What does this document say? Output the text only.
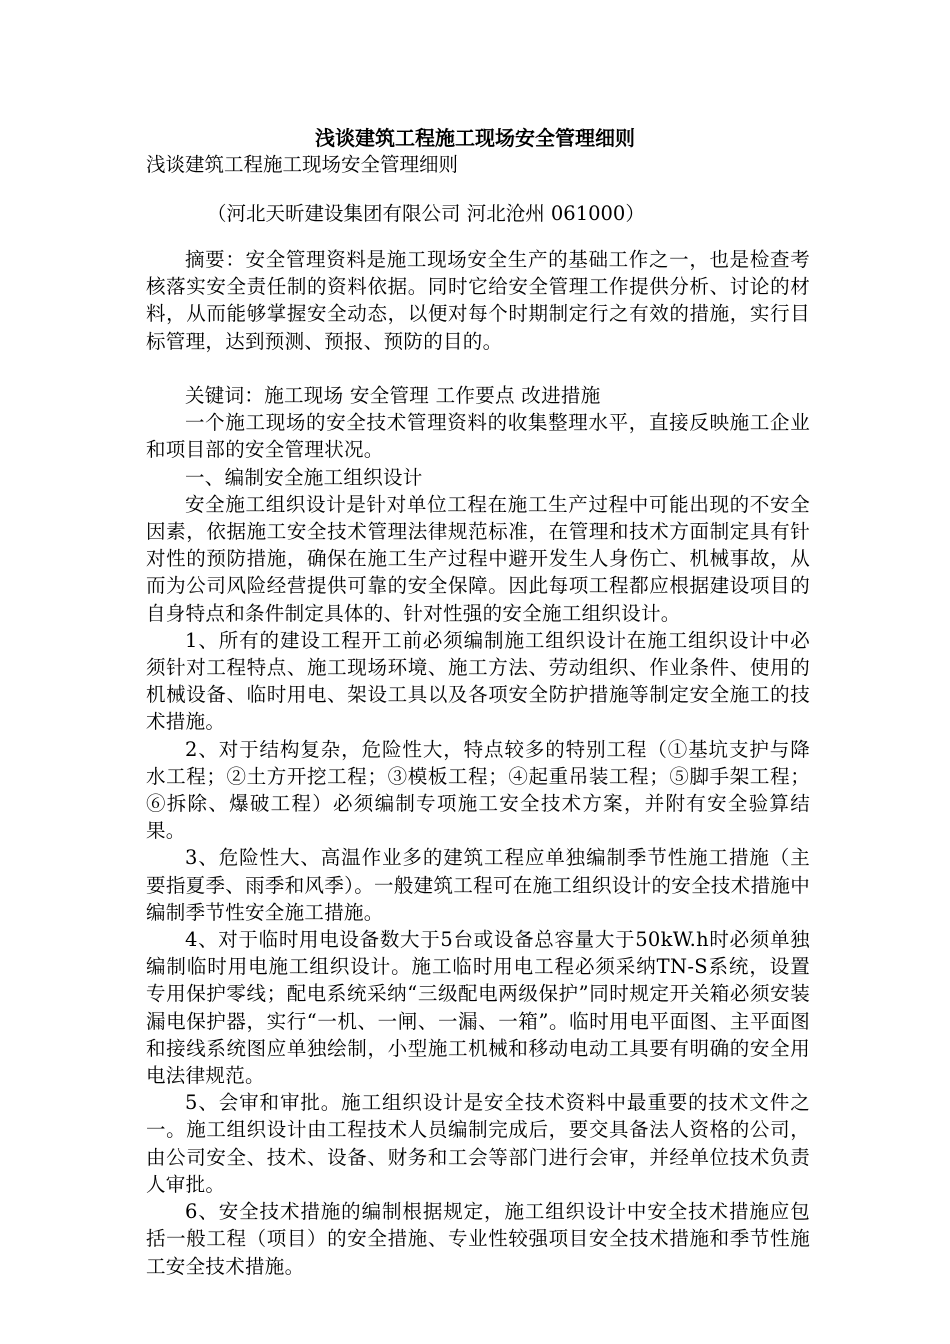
浅谈建筑工程施工现场安全管理细则
浅谈建筑工程施工现场安全管理细则
（河北天昕建设集团有限公司 河北沧州 061000）

摘要：安全管理资料是施工现场安全生产的基础工作之一，也是检查考核落实安全责任制的资料依据。同时它给安全管理工作提供分析、讨论的材料，从而能够掌握安全动态，以便对每个时期制定行之有效的措施，实行目标管理，达到预测、预报、预防的目的。

关键词：施工现场 安全管理 工作要点 改进措施

一个施工现场的安全技术管理资料的收集整理水平，直接反映施工企业和项目部的安全管理状况。

一、编制安全施工组织设计

安全施工组织设计是针对单位工程在施工生产过程中可能出现的不安全因素，依据施工安全技术管理法律规范标准，在管理和技术方面制定具有针对性的预防措施，确保在施工生产过程中避开发生人身伤亡、机械事故，从而为公司风险经营提供可靠的安全保障。因此每项工程都应根据建设项目的自身特点和条件制定具体的、针对性强的安全施工组织设计。

1、所有的建设工程开工前必须编制施工组织设计在施工组织设计中必须针对工程特点、施工现场环境、施工方法、劳动组织、作业条件、使用的机械设备、临时用电、架设工具以及各项安全防护措施等制定安全施工的技术措施。

2、对于结构复杂，危险性大，特点较多的特别工程（①基坑支护与降水工程；②土方开挖工程；③模板工程；④起重吊装工程；⑤脚手架工程；⑥拆除、爆破工程）必须编制专项施工安全技术方案，并附有安全验算结果。

3、危险性大、高温作业多的建筑工程应单独编制季节性施工措施（主要指夏季、雨季和风季）。一般建筑工程可在施工组织设计的安全技术措施中编制季节性安全施工措施。

4、对于临时用电设备数大于5台或设备总容量大于50kW.h时必须单独编制临时用电施工组织设计。施工临时用电工程必须采纳TN-S系统，设置专用保护零线；配电系统采纳“三级配电两级保护”同时规定开关箱必须安装漏电保护器，实行“一机、一闸、一漏、一箱”。临时用电平面图、主平面图和接线系统图应单独绘制，小型施工机械和移动电动工具要有明确的安全用电法律规范。

5、会审和审批。施工组织设计是安全技术资料中最重要的技术文件之一。施工组织设计由工程技术人员编制完成后，要交具备法人资格的公司，由公司安全、技术、设备、财务和工会等部门进行会审，并经单位技术负责人审批。

6、安全技术措施的编制根据规定，施工组织设计中安全技术措施应包括一般工程（项目）的安全措施、专业性较强项目安全技术措施和季节性施工安全技术措施。
